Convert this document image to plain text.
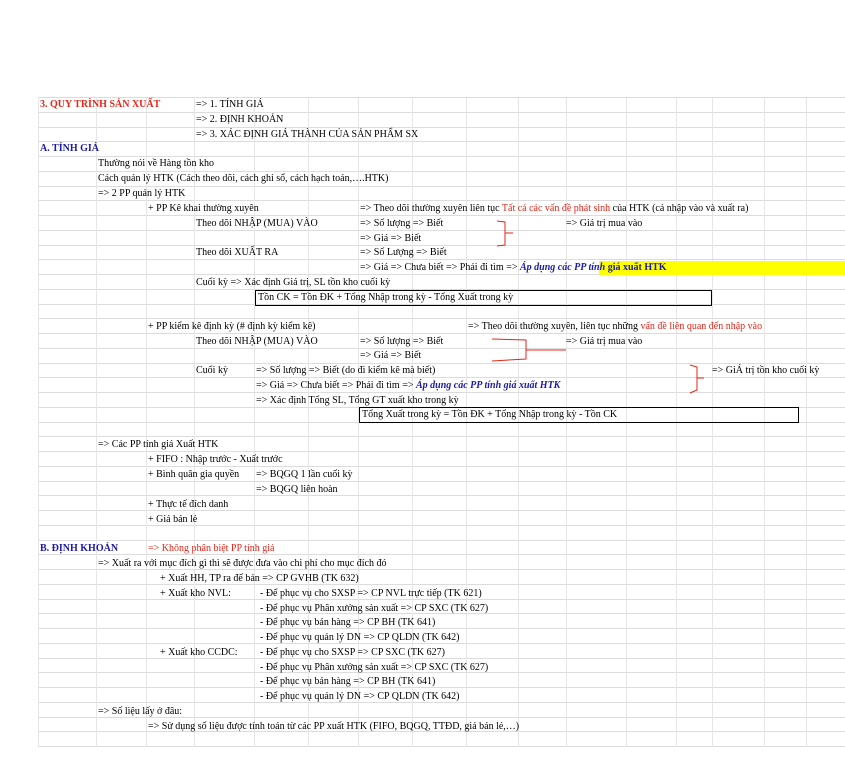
3. QUY TRÌNH SẢN XUẤT	=> 1. TÍNH GIÁ
=> 2. ĐỊNH KHOẢN
=> 3. XÁC ĐỊNH GIÁ THÀNH CỦA SẢN PHẨM SX
A. TÍNH GIÁ
Thường nói về Hàng tồn kho
Cách quản lý HTK (Cách theo dõi, cách ghi sổ, cách hạch toán,….HTK)
=> 2 PP quản lý HTK
+ PP Kê khai thường xuyên	=> Theo dõi thường xuyên liên tục Tất cả các vấn đề phát sinh của HTK (cả nhập vào và xuất ra)
Theo dõi NHẬP (MUA) VÀO	=> Số lượng => Biết	=> Giá trị mua vào
=> Giá => Biết
Theo dõi XUẤT RA	=> Số Lượng => Biết
=> Giá => Chưa biết => Phải đi tìm => Áp dụng các PP tính giá xuất HTK
Cuối kỳ => Xác định Giá trị, SL tồn kho cuối kỳ
Tồn CK = Tồn ĐK + Tổng Nhập trong kỳ - Tổng Xuất trong kỳ
+ PP kiểm kê định kỳ (# định kỳ kiểm kê)	=> Theo dõi thường xuyên, liên tục những vấn đề liên quan đến nhập vào
Theo dõi NHẬP (MUA) VÀO	=> Số lượng => Biết	=> Giá trị mua vào
=> Giá => Biết
Cuối kỳ	=> Số lượng => Biết (do đi kiểm kê mà biết)	=> GiÁ trị tồn kho cuối kỳ
=> Giá => Chưa biết => Phải đi tìm => Áp dụng các PP tính giá xuất HTK
=> Xác định Tổng SL, Tổng GT xuất kho trong kỳ
Tổng Xuất trong kỳ = Tồn ĐK + Tổng Nhập trong kỳ - Tồn CK
=> Các PP tính giá Xuất HTK
+ FIFO : Nhập trước - Xuất trước
+ Bình quân gia quyền => BQGQ 1 lần cuối kỳ
=> BQGQ liên hoàn
+ Thực tế đích danh
+ Giá bán lẻ
B. ĐỊNH KHOẢN	=> Không phân biệt PP tính giá
=> Xuất ra với mục đích gì thì sẽ được đưa vào chi phí cho mục đích đó
+ Xuất HH, TP ra để bán => CP GVHB (TK 632)
+ Xuất kho NVL:	- Để phục vụ cho SXSP => CP NVL trực tiếp (TK 621)
- Để phục vụ Phân xưởng sản xuất => CP SXC (TK 627)
- Để phục vụ bán hàng => CP BH (TK 641)
- Để phục vụ quản lý DN => CP QLDN (TK 642)
+ Xuất kho CCDC: - Để phục vụ cho SXSP => CP SXC (TK 627)
- Để phục vụ Phân xưởng sản xuất => CP SXC (TK 627)
- Để phục vụ bán hàng => CP BH (TK 641)
- Để phục vụ quản lý DN => CP QLDN (TK 642)
=> Số liệu lấy ở đâu:
=> Sử dụng số liệu được tính toán từ các PP xuất HTK (FIFO, BQGQ, TTĐD, giá bán lẻ,…)
